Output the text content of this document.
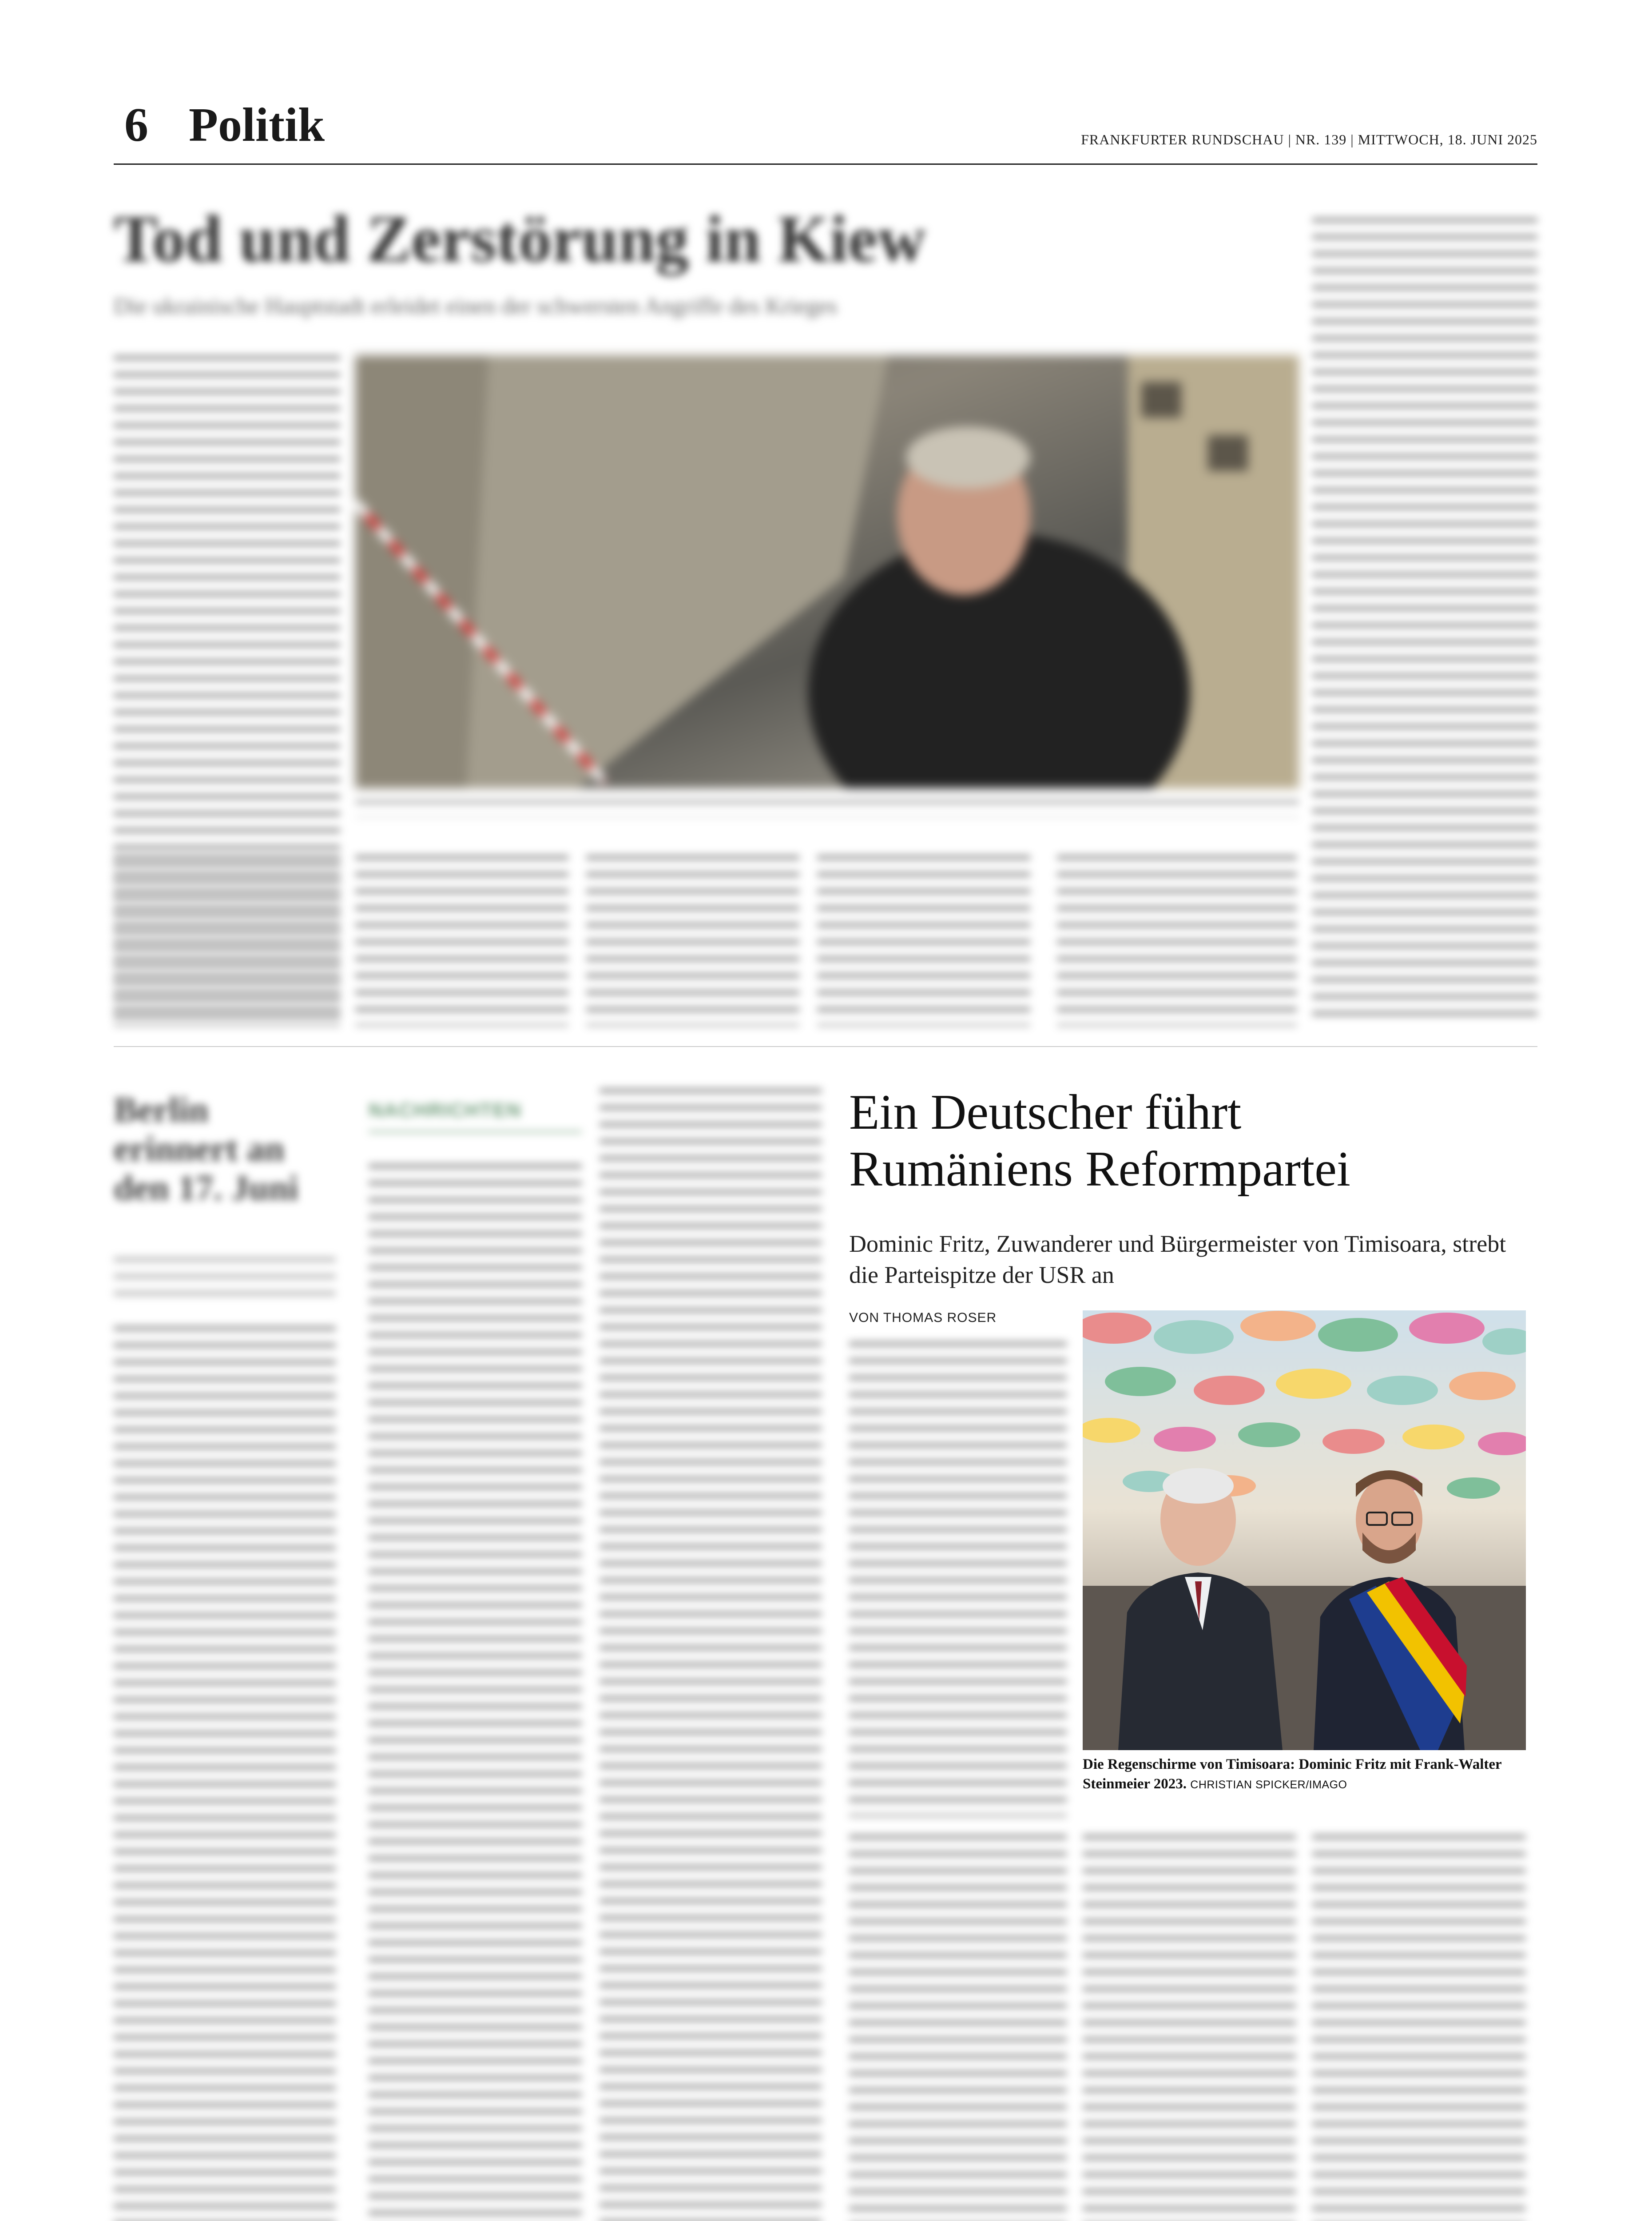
6 Politik	FRANKFURTER RUNDSCHAU | NR. 139 | MITTWOCH, 18. JUNI 2025
Tod und Zerstörung in Kiew
Die ukrainische Hauptstadt erleidet einen der schwersten Angriffe des Krieges
Berlin erinnert an den 17. Juni
NACHRICHTEN	Ein Deutscher führt
Rumäniens Reformpartei
Dominic Fritz, Zuwanderer und Bürgermeister von Timisoara, strebt die Parteispitze der USR an
VON THOMAS ROSER
Die Regenschirme von Timisoara: Dominic Fritz mit Frank-Walter Steinmeier 2023. CHRISTIAN SPICKER/IMAGO
